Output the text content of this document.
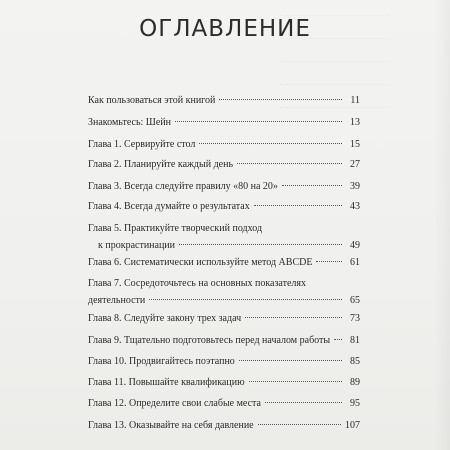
ОГЛАВЛЕНИЕ
Как пользоваться этой книгой	11
Знакомьтесь: Шейн	13
Глава 1. Сервируйте стол	15
Глава 2. Планируйте каждый день	27
Глава 3. Всегда следуйте правилу «80 на 20»	39
Глава 4. Всегда думайте о результатах	43
Глава 5. Практикуйте творческий подход
к прокрастинации	49
Глава 6. Систематически используйте метод ABCDE	61
Глава 7. Сосредоточьтесь на основных показателях
деятельности	65
Глава 8. Следуйте закону трех задач	73
Глава 9. Тщательно подготовьтесь перед началом работы	81
Глава 10. Продвигайтесь поэтапно	85
Глава 11. Повышайте квалификацию	89
Глава 12. Определите свои слабые места	95
Глава 13. Оказывайте на себя давление	107
